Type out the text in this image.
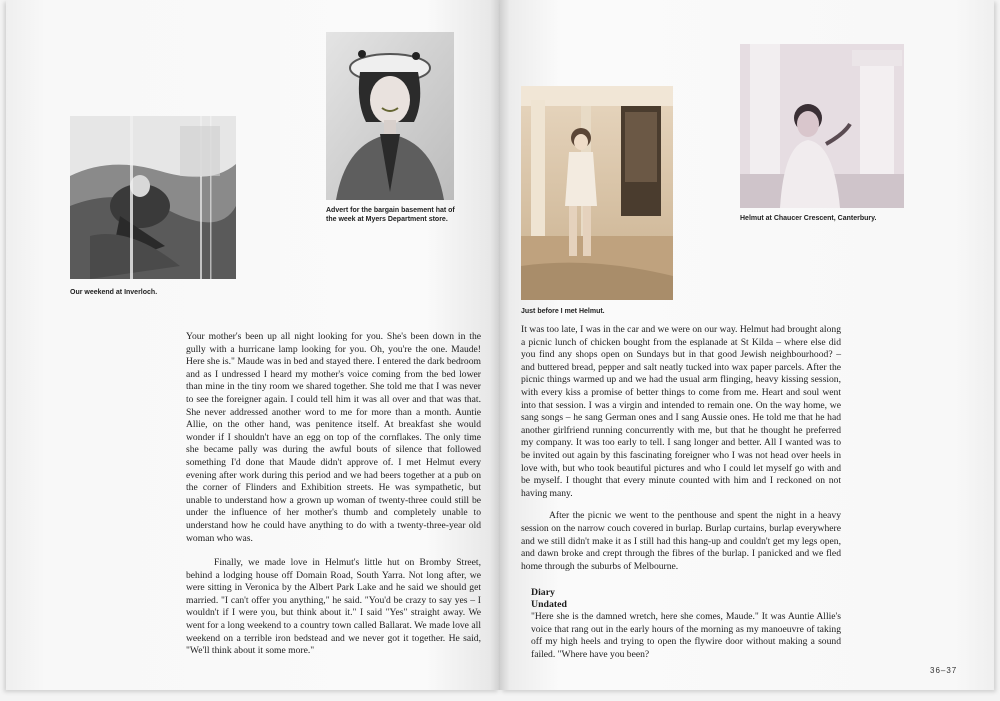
Our weekend at Inverloch.
Advert for the bargain basement hat of the week at Myers Department store.

Your mother's been up all night looking for you. She's been down in the gully with a hurricane lamp looking for you. Oh, you're the one. Maude! Here she is." Maude was in bed and stayed there. I entered the dark bedroom and as I undressed I heard my mother's voice coming from the bed lower than mine in the tiny room we shared together. She told me that I was never to see the foreigner again. I could tell him it was all over and that was that. She never addressed another word to me for more than a month. Auntie Allie, on the other hand, was penitence itself. At breakfast she would wonder if I shouldn't have an egg on top of the cornflakes. The only time she became pally was during the awful bouts of silence that followed something I'd done that Maude didn't approve of. I met Helmut every evening after work during this period and we had beers together at a pub on the corner of Flinders and Exhibition streets. He was sympathetic, but unable to understand how a grown up woman of twenty-three could still be under the influence of her mother's thumb and completely unable to understand how he could have anything to do with a twenty-three-year old woman who was.

Finally, we made love in Helmut's little hut on Bromby Street, behind a lodging house off Domain Road, South Yarra. Not long after, we were sitting in Veronica by the Albert Park Lake and he said we should get married. "I can't offer you anything," he said. "You'd be crazy to say yes – I wouldn't if I were you, but think about it." I said "Yes" straight away. We went for a long weekend to a country town called Ballarat. We made love all weekend on a terrible iron bedstead and we never got it together. He said, "We'll think about it some more."

Just before I met Helmut.
Helmut at Chaucer Crescent, Canterbury.

It was too late, I was in the car and we were on our way. Helmut had brought along a picnic lunch of chicken bought from the esplanade at St Kilda – where else did you find any shops open on Sundays but in that good Jewish neighbourhood? – and buttered bread, pepper and salt neatly tucked into wax paper parcels. After the picnic things warmed up and we had the usual arm flinging, heavy kissing session, with every kiss a promise of better things to come from me. Heart and soul went into that session. I was a virgin and intended to remain one. On the way home, we sang songs – he sang German ones and I sang Aussie ones. He told me that he had another girlfriend running concurrently with me, but that he thought he preferred my company. It was too early to tell. I sang longer and better. All I wanted was to be invited out again by this fascinating foreigner who I was not head over heels in love with, but who took beautiful pictures and who I could let myself go with and be myself. I thought that every minute counted with him and I reckoned on not having many.

After the picnic we went to the penthouse and spent the night in a heavy session on the narrow couch covered in burlap. Burlap curtains, burlap everywhere and we still didn't make it as I still had this hang-up and couldn't get my legs open, and dawn broke and crept through the fibres of the burlap. I panicked and we fled home through the suburbs of Melbourne.

Diary
Undated

"Here she is the damned wretch, here she comes, Maude." It was Auntie Allie's voice that rang out in the early hours of the morning as my manoeuvre of taking off my high heels and trying to open the flywire door without making a sound failed. "Where have you been?

36–37
